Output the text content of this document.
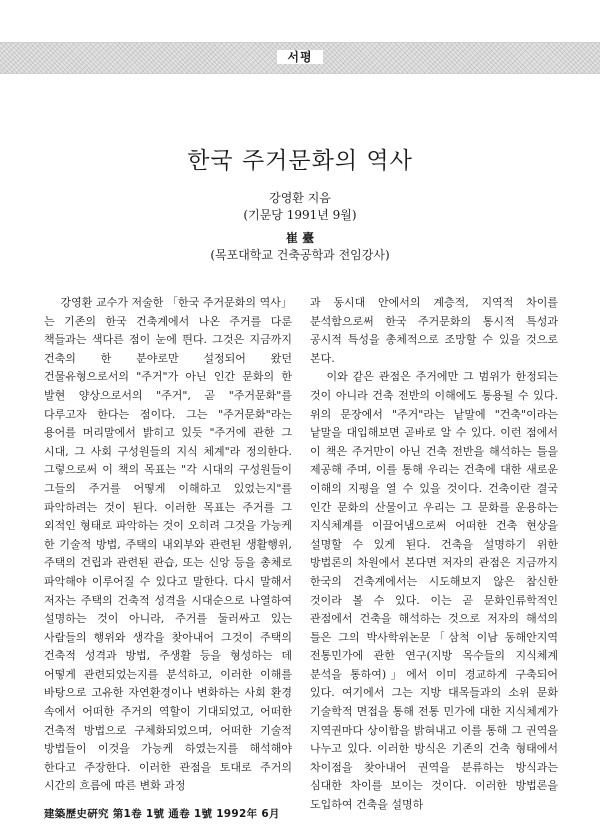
서평
한국 주거문화의 역사
강영환 지음
(기문당 1991년 9월)
崔 臺
(목포대학교 건축공학과 전임강사)

강영환 교수가 저술한 「한국 주거문화의 역사」는 기존의 한국 건축계에서 나온 주거를 다룬 책들과는 색다른 점이 눈에 띈다. 그것은 지금까지 건축의 한 분야로만 설정되어 왔던 건물유형으로서의 "주거"가 아닌 인간 문화의 한 발현 양상으로서의 "주거", 곧 "주거문화"를 다루고자 한다는 점이다. 그는 "주거문화"라는 용어를 머리말에서 밝히고 있듯 "주거에 관한 그 시대, 그 사회 구성원들의 지식 체계"라 정의한다. 그렇으로써 이 책의 목표는 "각 시대의 구성원들이 그들의 주거를 어떻게 이해하고 있었는지"를 파악하려는 것이 된다. 이러한 목표는 주거를 그 외적인 형태로 파악하는 것이 오히려 그것을 가능케 한 기술적 방법, 주택의 내외부와 관련된 생활행위, 주택의 건립과 관련된 관습, 또는 신앙 등을 총체로 파악해야 이루어질 수 있다고 말한다. 다시 말해서 저자는 주택의 건축적 성격을 시대순으로 나열하여 설명하는 것이 아니라, 주거를 둘러싸고 있는 사람들의 행위와 생각을 찾아내어 그것이 주택의 건축적 성격과 방법, 주생활 등을 형성하는 데 어떻게 관련되었는지를 분석하고, 이러한 이해를 바탕으로 고유한 자연환경이나 변화하는 사회 환경 속에서 어떠한 주거의 역할이 기대되었고, 어떠한 건축적 방법으로 구체화되었으며, 어떠한 기술적 방법들이 이것을 가능케 하였는지를 해석해야 한다고 주장한다. 이러한 관점을 토대로 주거의 시간의 흐름에 따른 변화 과정

과 동시대 안에서의 계층적, 지역적 차이를 분석함으로써 한국 주거문화의 통시적 특성과 공시적 특성을 총체적으로 조망할 수 있을 것으로 본다.

이와 같은 관점은 주거에만 그 범위가 한정되는 것이 아니라 건축 전반의 이해에도 통용될 수 있다. 위의 문장에서 "주거"라는 낱말에 "건축"이라는 낱말을 대입해보면 곧바로 알 수 있다. 이런 점에서 이 책은 주거만이 아닌 건축 전반을 해석하는 틀을 제공해 주며, 이를 통해 우리는 건축에 대한 새로운 이해의 지평을 열 수 있을 것이다. 건축이란 결국 인간 문화의 산물이고 우리는 그 문화를 운용하는 지식체계를 이끌어냄으로써 어떠한 건축 현상을 설명할 수 있게 된다. 건축을 설명하기 위한 방법론의 차원에서 본다면 저자의 관점은 지금까지 한국의 건축계에서는 시도해보지 않은 참신한 것이라 볼 수 있다. 이는 곧 문화인류학적인 관점에서 건축을 해석하는 것으로 저자의 해석의 틀은 그의 박사학위논문「삼척 이남 동해안지역 전통민가에 관한 연구(지방 목수들의 지식체계 분석을 통하여)」에서 이미 경교하게 구축되어 있다. 여기에서 그는 지방 대목들과의 소위 문화 기술학적 면접을 통해 전통 민가에 대한 지식체계가 지역권마다 상이함을 밝혀내고 이를 통해 그 권역을 나누고 있다. 이러한 방식은 기존의 건축 형태에서 차이점을 찾아내어 권역을 분류하는 방식과는 심대한 차이를 보이는 것이다. 이러한 방법론을 도입하여 건축을 설명하

建築歷史硏究 第1卷 1號 通卷 1號 1992年 6月
